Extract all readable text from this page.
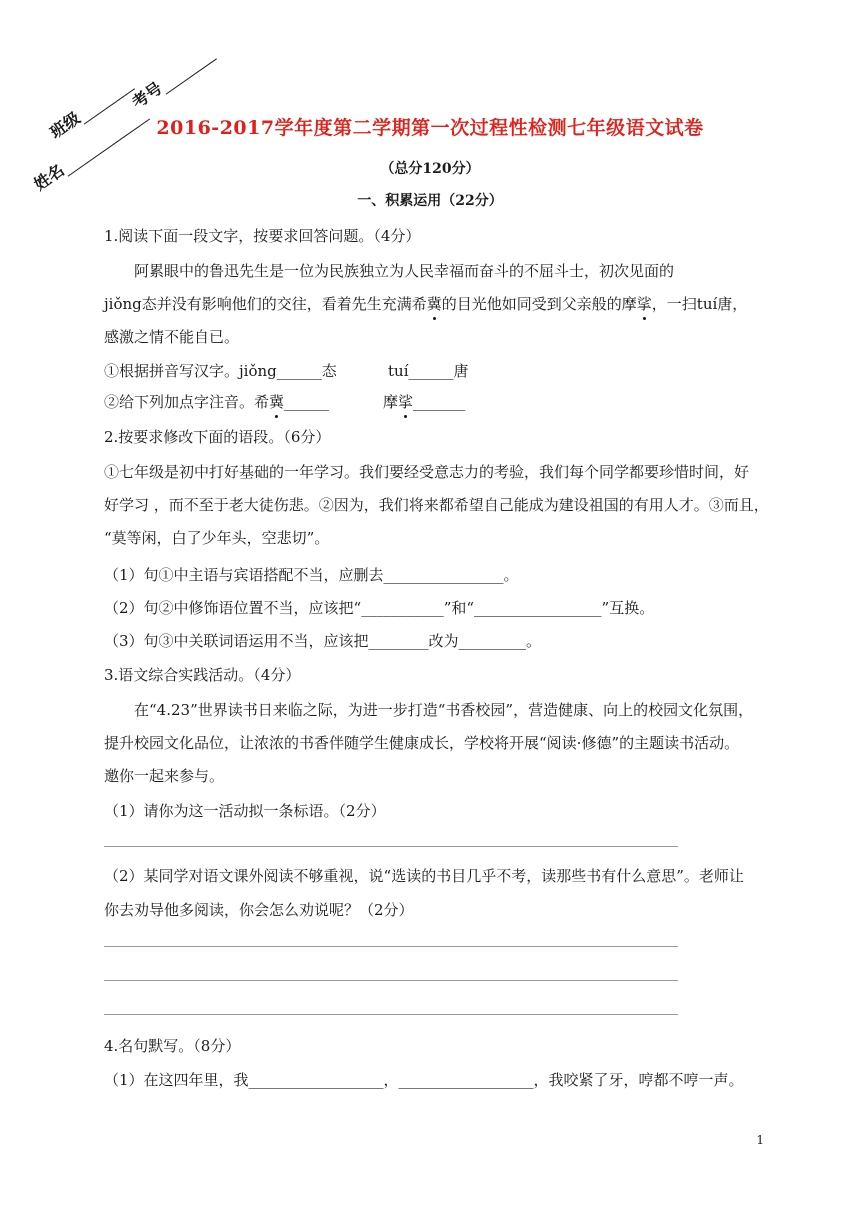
班级
考号
姓名
2016-2017学年度第二学期第一次过程性检测七年级语文试卷
（总分120分）
一、积累运用（22分）
1.阅读下面一段文字，按要求回答问题。（4分）
阿累眼中的鲁迅先生是一位为民族独立为人民幸福而奋斗的不屈斗士，初次见面的
jiǒng态并没有影响他们的交往，看着先生充满希冀的目光他如同受到父亲般的摩挲，一扫tuí唐，
感激之情不能自已。
①根据拼音写汉字。jiǒng______态	tuí______唐
②给下列加点字注音。希冀______	摩挲_______
2.按要求修改下面的语段。（6分）
①七年级是初中打好基础的一年学习。我们要经受意志力的考验，我们每个同学都要珍惜时间，好
好学习 ，而不至于老大徒伤悲。②因为，我们将来都希望自己能成为建设祖国的有用人才。③而且，
“莫等闲，白了少年头，空悲切”。
（1）句①中主语与宾语搭配不当，应删去________________。
（2）句②中修饰语位置不当，应该把“___________”和“_________________”互换。
（3）句③中关联词语运用不当，应该把________改为_________。
3.语文综合实践活动。（4分）
在“4.23”世界读书日来临之际，为进一步打造“书香校园”，营造健康、向上的校园文化氛围，
提升校园文化品位，让浓浓的书香伴随学生健康成长，学校将开展“阅读·修德”的主题读书活动。
邀你一起来参与。
（1）请你为这一活动拟一条标语。（2分）
（2）某同学对语文课外阅读不够重视，说“选读的书目几乎不考，读那些书有什么意思”。老师让
你去劝导他多阅读，你会怎么劝说呢？（2分）
4.名句默写。（8分）
（1）在这四年里，我__________________，__________________，我咬紧了牙，哼都不哼一声。
1
